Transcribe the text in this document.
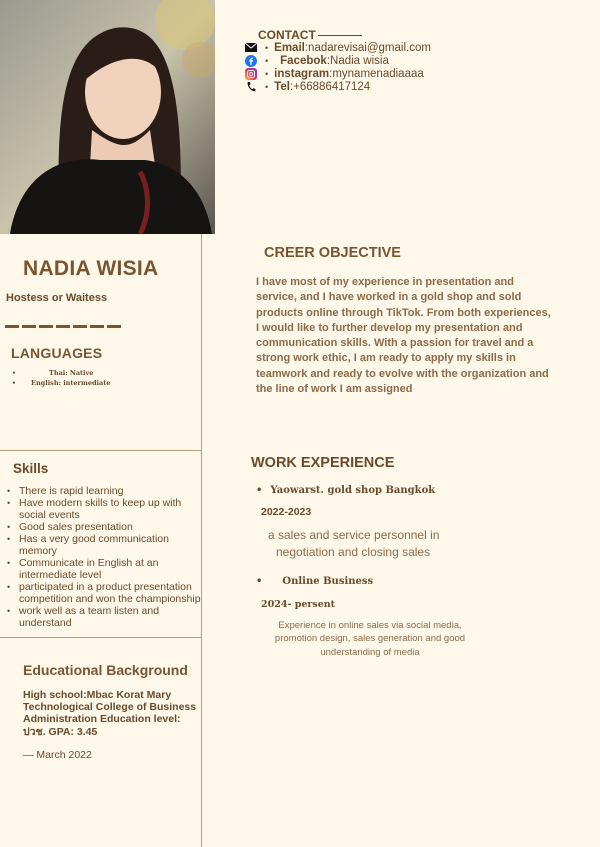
CONTACT
• Email : nadarevisai@gmail.com
• Facebok : Nadia wisia
• instagram : mynamenadiaaaa
• Tel : +66886417124
NADIA WISIA
Hostess or Waitess
LANGUAGES
•	Thai: Native
•	English: intermediate
Skills
• There is rapid learning
• Have modern skills to keep up with social events
• Good sales presentation
• Has a very good communication memory
• Communicate in English at an intermediate level
• participated in a product presentation competition and won the championship
• work well as a team listen and understand
Educational Background
High school:Mbac Korat Mary Technological College of Business Administration Education level: ปวช. GPA: 3.45
— March 2022
CREER OBJECTIVE
I have most of my experience in presentation and service, and I have worked in a gold shop and sold products online through TikTok. From both experiences, I would like to further develop my presentation and communication skills. With a passion for travel and a strong work ethic, I am ready to apply my skills in teamwork and ready to evolve with the organization and the line of work I am assigned
WORK EXPERIENCE
• Yaowarst. gold shop Bangkok
2022-2023
a sales and service personnel in
negotiation and closing sales
• Online Business
2024- persent
Experience in online sales via social media, promotion design, sales generation and good understanding of media
